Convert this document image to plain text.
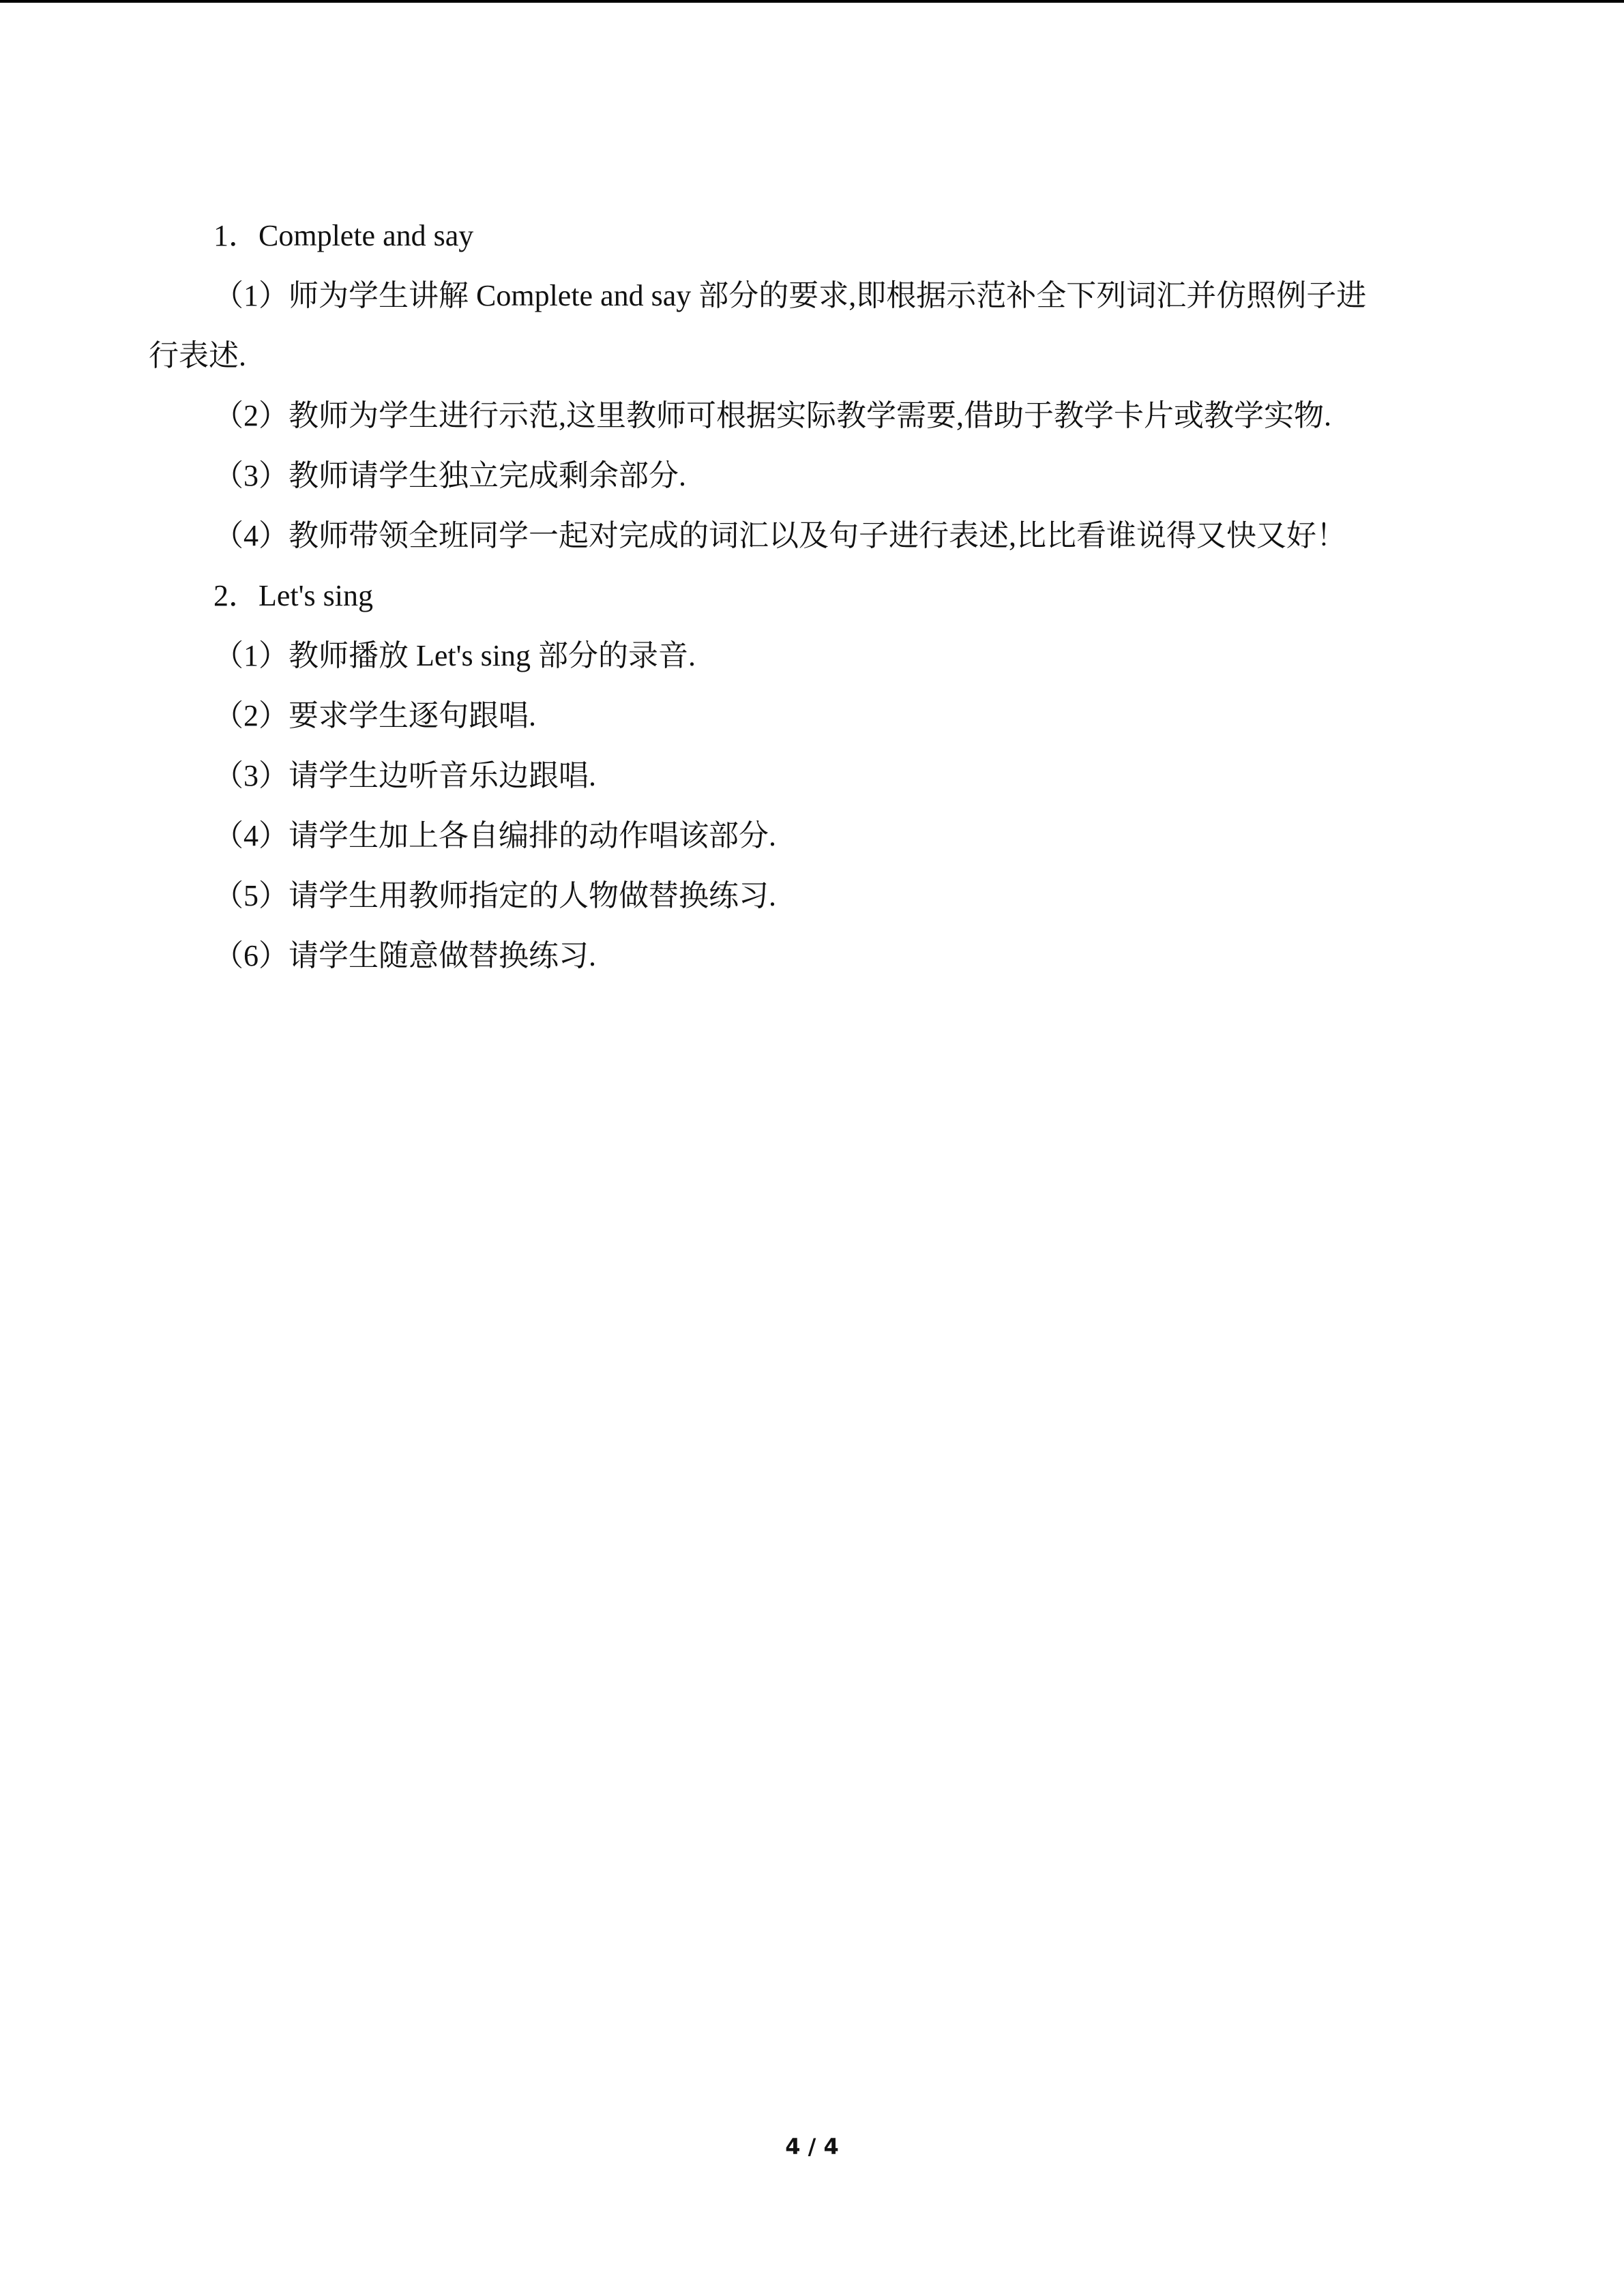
1．Complete and say
（1）师为学生讲解 Complete and say 部分的要求,即根据示范补全下列词汇并仿照例子进
行表述.
（2）教师为学生进行示范,这里教师可根据实际教学需要,借助于教学卡片或教学实物.
（3）教师请学生独立完成剩余部分.
（4）教师带领全班同学一起对完成的词汇以及句子进行表述,比比看谁说得又快又好！
2．Let's sing
（1）教师播放 Let's sing 部分的录音.
（2）要求学生逐句跟唱.
（3）请学生边听音乐边跟唱.
（4）请学生加上各自编排的动作唱该部分.
（5）请学生用教师指定的人物做替换练习.
（6）请学生随意做替换练习.
4 / 4
